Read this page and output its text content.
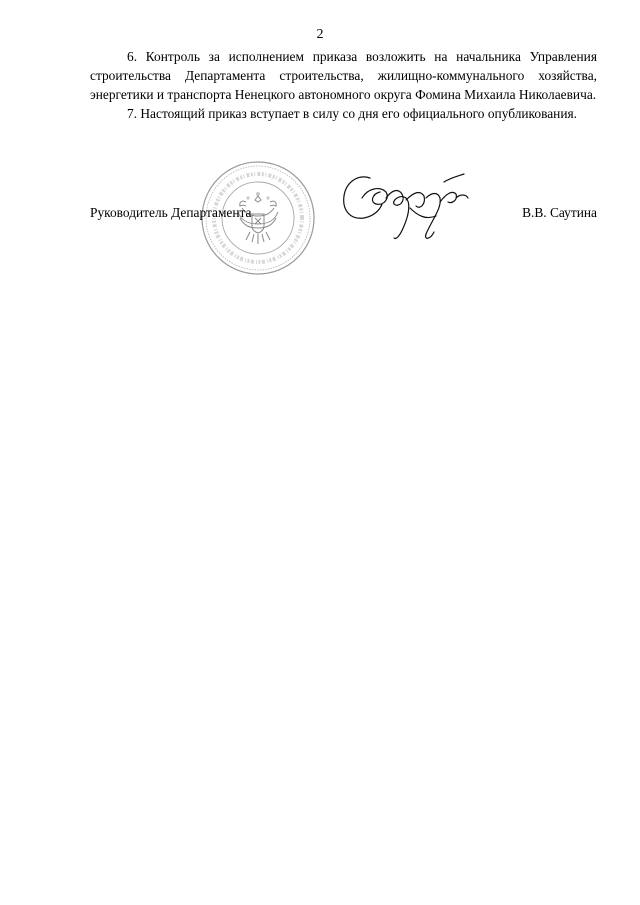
2

6. Контроль за исполнением приказа возложить на начальника Управления строительства Департамента строительства, жилищно-коммунального хозяйства, энергетики и транспорта Ненецкого автономного округа Фомина Михаила Николаевича.

7. Настоящий приказ вступает в силу со дня его официального опубликования.

Руководитель Департамента	В.В. Саутина
